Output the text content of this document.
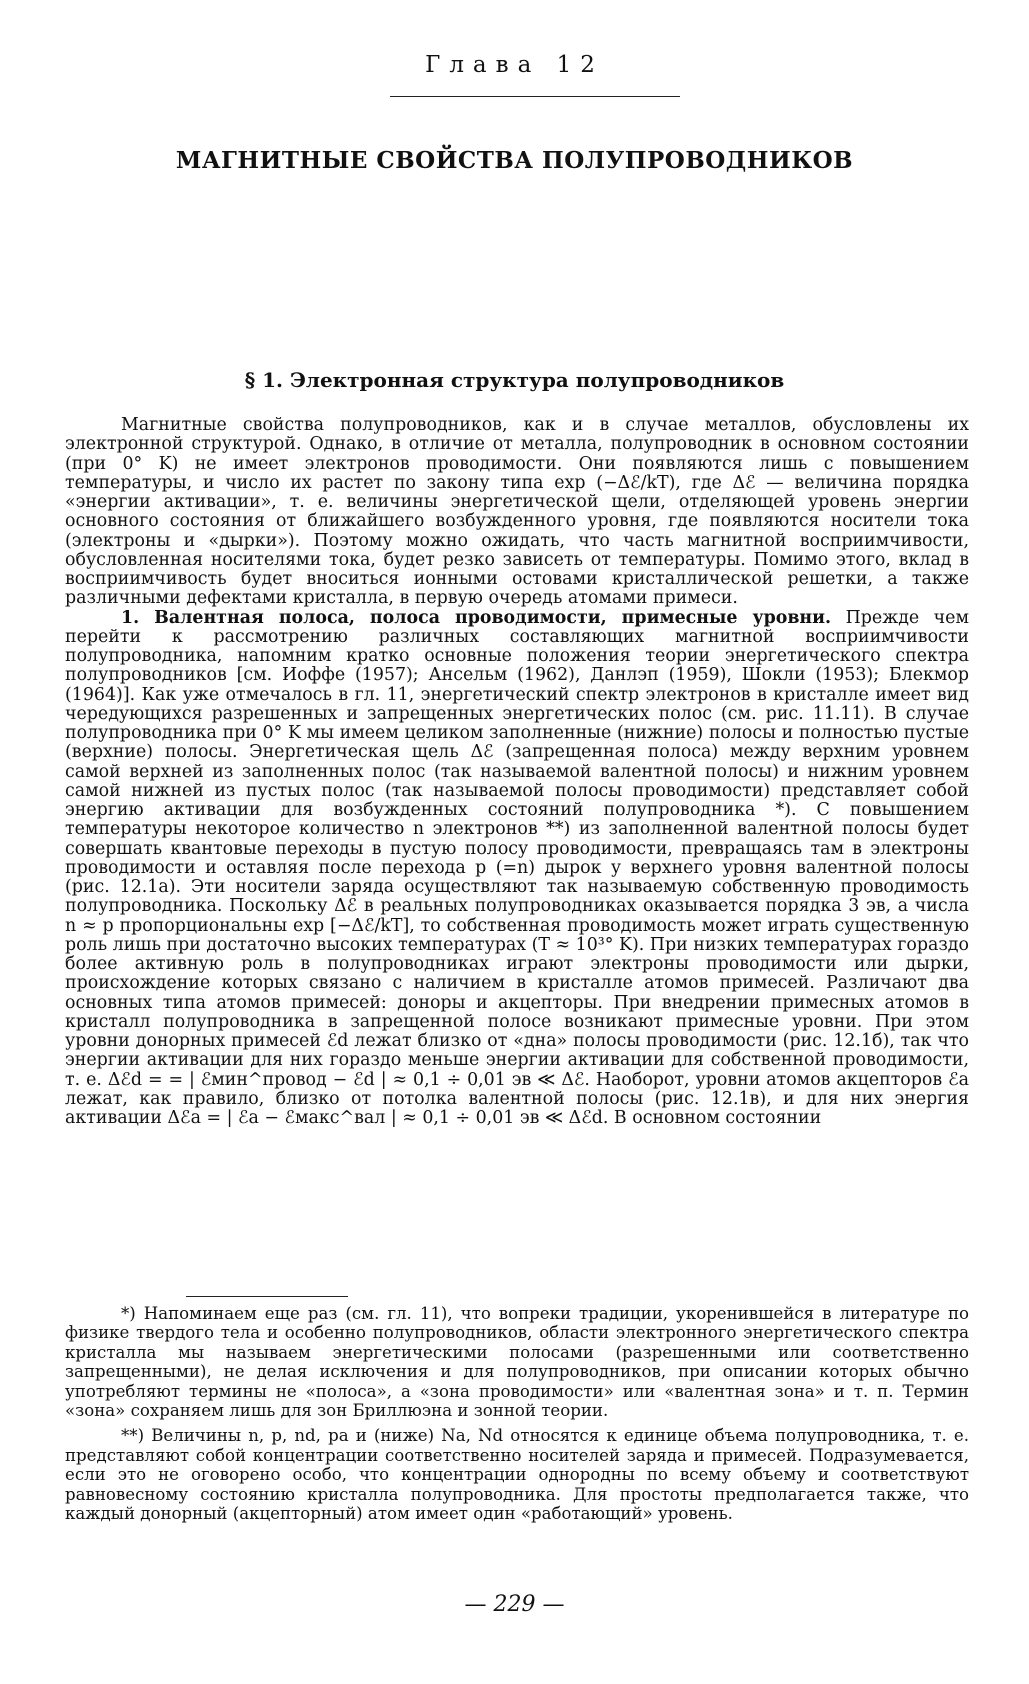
Глава 12
МАГНИТНЫЕ СВОЙСТВА ПОЛУПРОВОДНИКОВ
§ 1. Электронная структура полупроводников

Магнитные свойства полупроводников, как и в случае металлов, обусловлены их электронной структурой. Однако, в отличие от металла, полупроводник в основном состоянии (при 0° K) не имеет электронов проводимости. Они появляются лишь с повышением температуры, и число их растет по закону типа exp (−Δℰ/kT), где Δℰ — величина порядка «энергии активации», т. е. величины энергетической щели, отделяющей уровень энергии основного состояния от ближайшего возбужденного уровня, где появляются носители тока (электроны и «дырки»). Поэтому можно ожидать, что часть магнитной восприимчивости, обусловленная носителями тока, будет резко зависеть от температуры. Помимо этого, вклад в восприимчивость будет вноситься ионными остовами кристаллической решетки, а также различными дефектами кристалла, в первую очередь атомами примеси.

1. Валентная полоса, полоса проводимости, примесные уровни. Прежде чем перейти к рассмотрению различных составляющих магнитной восприимчивости полупроводника, напомним кратко основные положения теории энергетического спектра полупроводников [см. Иоффе (1957); Ансельм (1962), Данлэп (1959), Шокли (1953); Блекмор (1964)]. Как уже отмечалось в гл. 11, энергетический спектр электронов в кристалле имеет вид чередующихся разрешенных и запрещенных энергетических полос (см. рис. 11.11). В случае полупроводника при 0° K мы имеем целиком заполненные (нижние) полосы и полностью пустые (верхние) полосы. Энергетическая щель Δℰ (запрещенная полоса) между верхним уровнем самой верхней из заполненных полос (так называемой валентной полосы) и нижним уровнем самой нижней из пустых полос (так называемой полосы проводимости) представляет собой энергию активации для возбужденных состояний полупроводника *). С повышением температуры некоторое количество n электронов **) из заполненной валентной полосы будет совершать квантовые переходы в пустую полосу проводимости, превращаясь там в электроны проводимости и оставляя после перехода p (=n) дырок у верхнего уровня валентной полосы (рис. 12.1а). Эти носители заряда осуществляют так называемую собственную проводимость полупроводника. Поскольку Δℰ в реальных полупроводниках оказывается порядка 3 эв, а числа n ≈ p пропорциональны exp [−Δℰ/kT], то собственная проводимость может играть существенную роль лишь при достаточно высоких температурах (T ≈ 10³° K). При низких температурах гораздо более активную роль в полупроводниках играют электроны проводимости или дырки, происхождение которых связано с наличием в кристалле атомов примесей. Различают два основных типа атомов примесей: доноры и акцепторы. При внедрении примесных атомов в кристалл полупроводника в запрещенной полосе возникают примесные уровни. При этом уровни донорных примесей ℰd лежат близко от «дна» полосы проводимости (рис. 12.1б), так что энергии активации для них гораздо меньше энергии активации для собственной проводимости, т. е. Δℰd = = | ℰмин^провод − ℰd | ≈ 0,1 ÷ 0,01 эв ≪ Δℰ. Наоборот, уровни атомов акцепторов ℰa лежат, как правило, близко от потолка валентной полосы (рис. 12.1в), и для них энергия активации Δℰa = | ℰa − ℰмакс^вал | ≈ 0,1 ÷ 0,01 эв ≪ Δℰd. В основном состоянии

*) Напоминаем еще раз (см. гл. 11), что вопреки традиции, укоренившейся в литературе по физике твердого тела и особенно полупроводников, области электронного энергетического спектра кристалла мы называем энергетическими полосами (разрешенными или соответственно запрещенными), не делая исключения и для полупроводников, при описании которых обычно употребляют термины не «полоса», а «зона проводимости» или «валентная зона» и т. п. Термин «зона» сохраняем лишь для зон Бриллюэна и зонной теории.

**) Величины n, p, nd, pa и (ниже) Na, Nd относятся к единице объема полупроводника, т. е. представляют собой концентрации соответственно носителей заряда и примесей. Подразумевается, если это не оговорено особо, что концентрации однородны по всему объему и соответствуют равновесному состоянию кристалла полупроводника. Для простоты предполагается также, что каждый донорный (акцепторный) атом имеет один «работающий» уровень.

— 229 —
